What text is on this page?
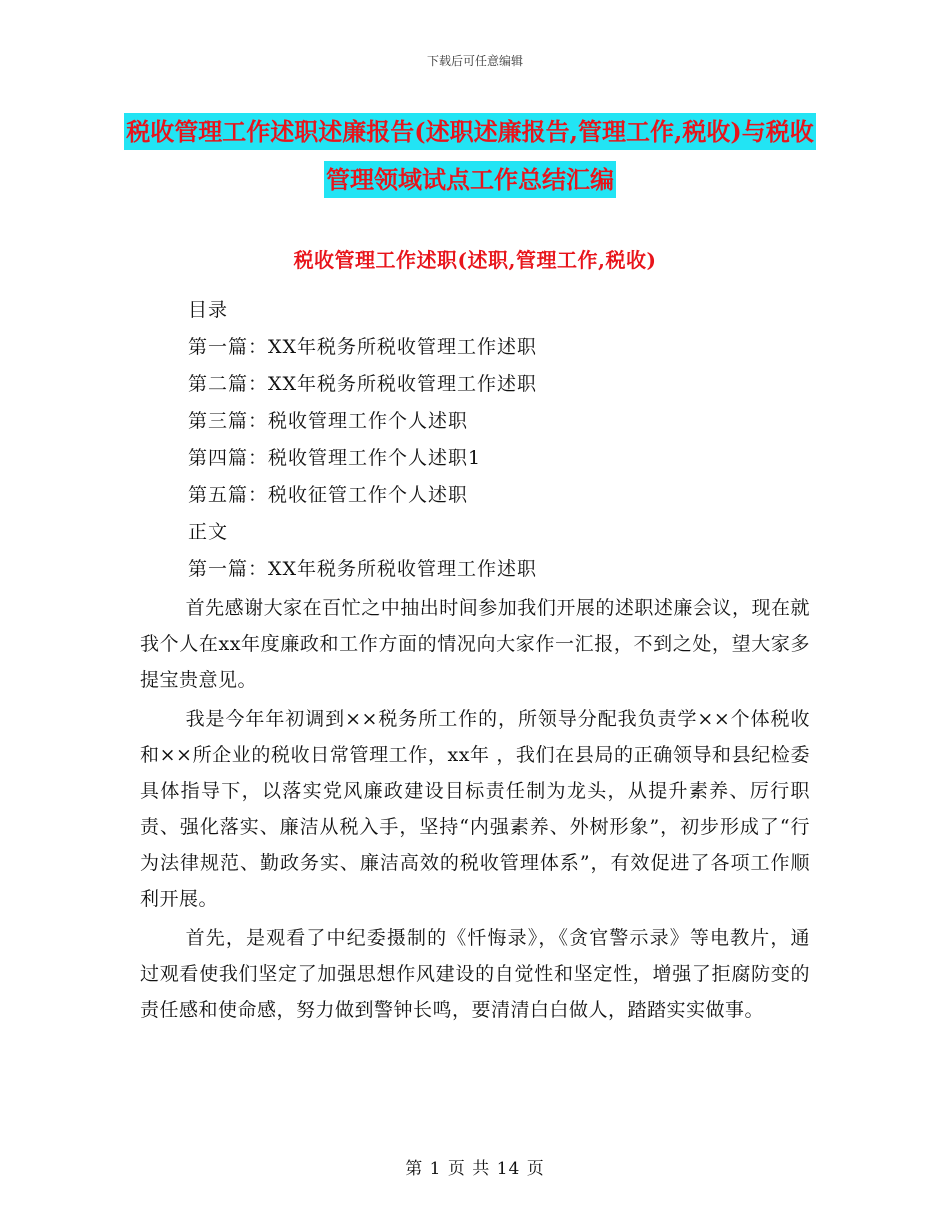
下载后可任意编辑
税收管理工作述职述廉报告(述职述廉报告,管理工作,税收)与税收管理领域试点工作总结汇编
税收管理工作述职(述职,管理工作,税收)
目录
第一篇：XX年税务所税收管理工作述职
第二篇：XX年税务所税收管理工作述职
第三篇：税收管理工作个人述职
第四篇：税收管理工作个人述职1
第五篇：税收征管工作个人述职
正文
第一篇：XX年税务所税收管理工作述职

首先感谢大家在百忙之中抽出时间参加我们开展的述职述廉会议，现在就我个人在xx年度廉政和工作方面的情况向大家作一汇报，不到之处，望大家多提宝贵意见。

我是今年年初调到××税务所工作的，所领导分配我负责学××个体税收和××所企业的税收日常管理工作，xx年 ，我们在县局的正确领导和县纪检委具体指导下，以落实党风廉政建设目标责任制为龙头，从提升素养、厉行职责、强化落实、廉洁从税入手，坚持“内强素养、外树形象”，初步形成了“行为法律规范、勤政务实、廉洁高效的税收管理体系”，有效促进了各项工作顺利开展。

首先，是观看了中纪委摄制的《忏悔录》，《贪官警示录》等电教片，通过观看使我们坚定了加强思想作风建设的自觉性和坚定性，增强了拒腐防变的责任感和使命感，努力做到警钟长鸣，要清清白白做人，踏踏实实做事。

第 1 页 共 14 页
